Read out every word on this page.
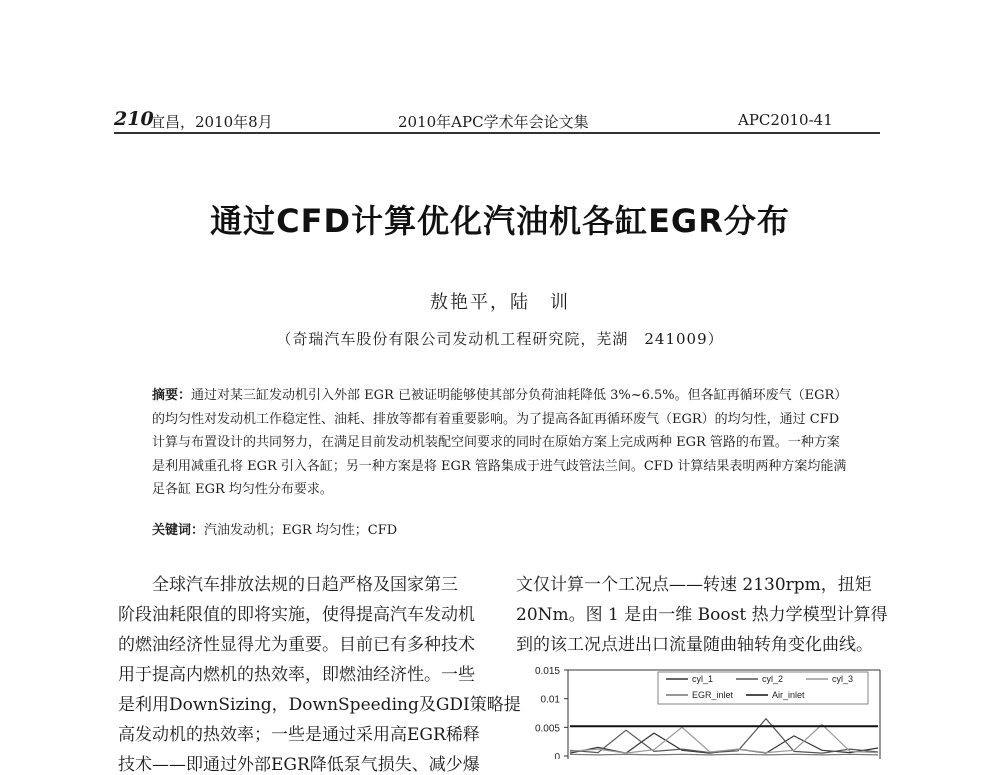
210
宜昌，2010年8月	2010年APC学术年会论文集	APC2010-41
通过CFD计算优化汽油机各缸EGR分布
敖艳平，陆　训
（奇瑞汽车股份有限公司发动机工程研究院，芜湖　241009）
摘要：通过对某三缸发动机引入外部 EGR 已被证明能够使其部分负荷油耗降低 3%~6.5%。但各缸再循环废气（EGR）的均匀性对发动机工作稳定性、油耗、排放等都有着重要影响。为了提高各缸再循环废气（EGR）的均匀性，通过 CFD 计算与布置设计的共同努力，在满足目前发动机装配空间要求的同时在原始方案上完成两种 EGR 管路的布置。一种方案是利用减重孔将 EGR 引入各缸；另一种方案是将 EGR 管路集成于进气歧管法兰间。CFD 计算结果表明两种方案均能满足各缸 EGR 均匀性分布要求。
关键词：汽油发动机；EGR 均匀性；CFD
全球汽车排放法规的日趋严格及国家第三
阶段油耗限值的即将实施，使得提高汽车发动机
的燃油经济性显得尤为重要。目前已有多种技术
用于提高内燃机的热效率，即燃油经济性。一些
是利用DownSizing，DownSpeeding及GDI策略提
高发动机的热效率；一些是通过采用高EGR稀释
技术——即通过外部EGR降低泵气损失、减少爆
文仅计算一个工况点——转速 2130rpm，扭矩
20Nm。图 1 是由一维 Boost 热力学模型计算得
到的该工况点进出口流量随曲轴转角变化曲线。
0.015
0.01
0.005
0
cyl_1	cyl_2	cyl_3
EGR_inlet	Air_inlet
